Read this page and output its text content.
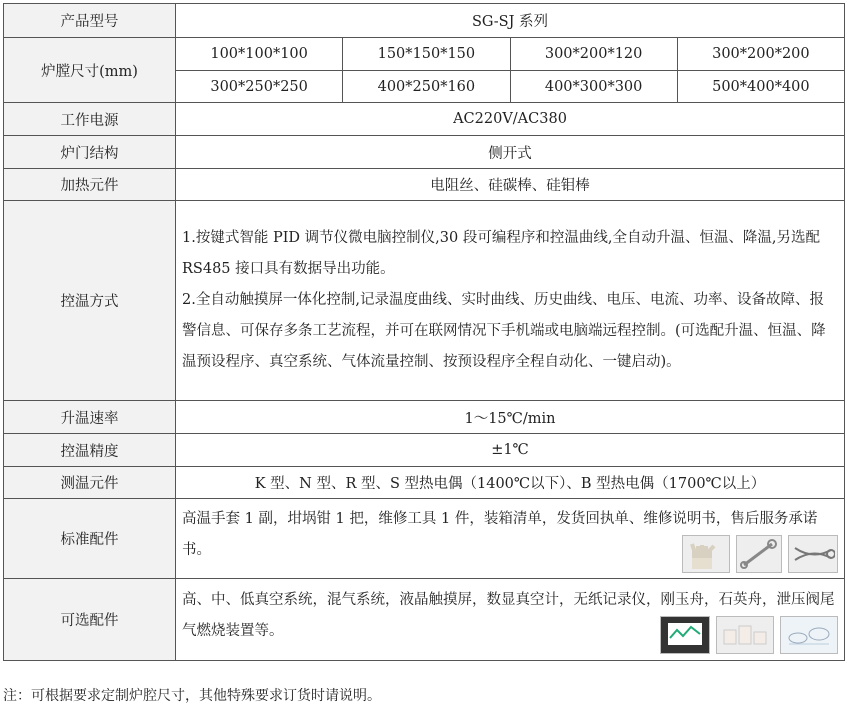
产品型号	SG-SJ 系列			
炉膛尺寸(mm)	100*100*100	150*150*150	300*200*120	300*200*200
	300*250*250	400*250*160	400*300*300	500*400*400
工作电源	AC220V/AC380			
炉门结构	侧开式			
加热元件	电阻丝、硅碳棒、硅钼棒			
控温方式	1.按键式智能 PID 调节仪微电脑控制仪,30 段可编程序和控温曲线,全自动升温、恒温、降温,另选配 RS485 接口具有数据导出功能。

2.全自动触摸屏一体化控制,记录温度曲线、实时曲线、历史曲线、电压、电流、功率、设备故障、报警信息、可保存多条工艺流程，并可在联网情况下手机端或电脑端远程控制。(可选配升温、恒温、降温预设程序、真空系统、气体流量控制、按预设程序全程自动化、一键启动)。			

升温速率	1～15℃/min			
控温精度	±1℃			
测温元件	K 型、N 型、R 型、S 型热电偶（1400℃以下）、B 型热电偶（1700℃以上）			
标准配件	高温手套 1 副，坩埚钳 1 把，维修工具 1 件，装箱清单，发货回执单、维修说明书，售后服务承诺书。			

可选配件	高、中、低真空系统，混气系统，液晶触摸屏，数显真空计，无纸记录仪，刚玉舟，石英舟，泄压阀尾气燃烧装置等。			
注：可根据要求定制炉腔尺寸，其他特殊要求订货时请说明。
